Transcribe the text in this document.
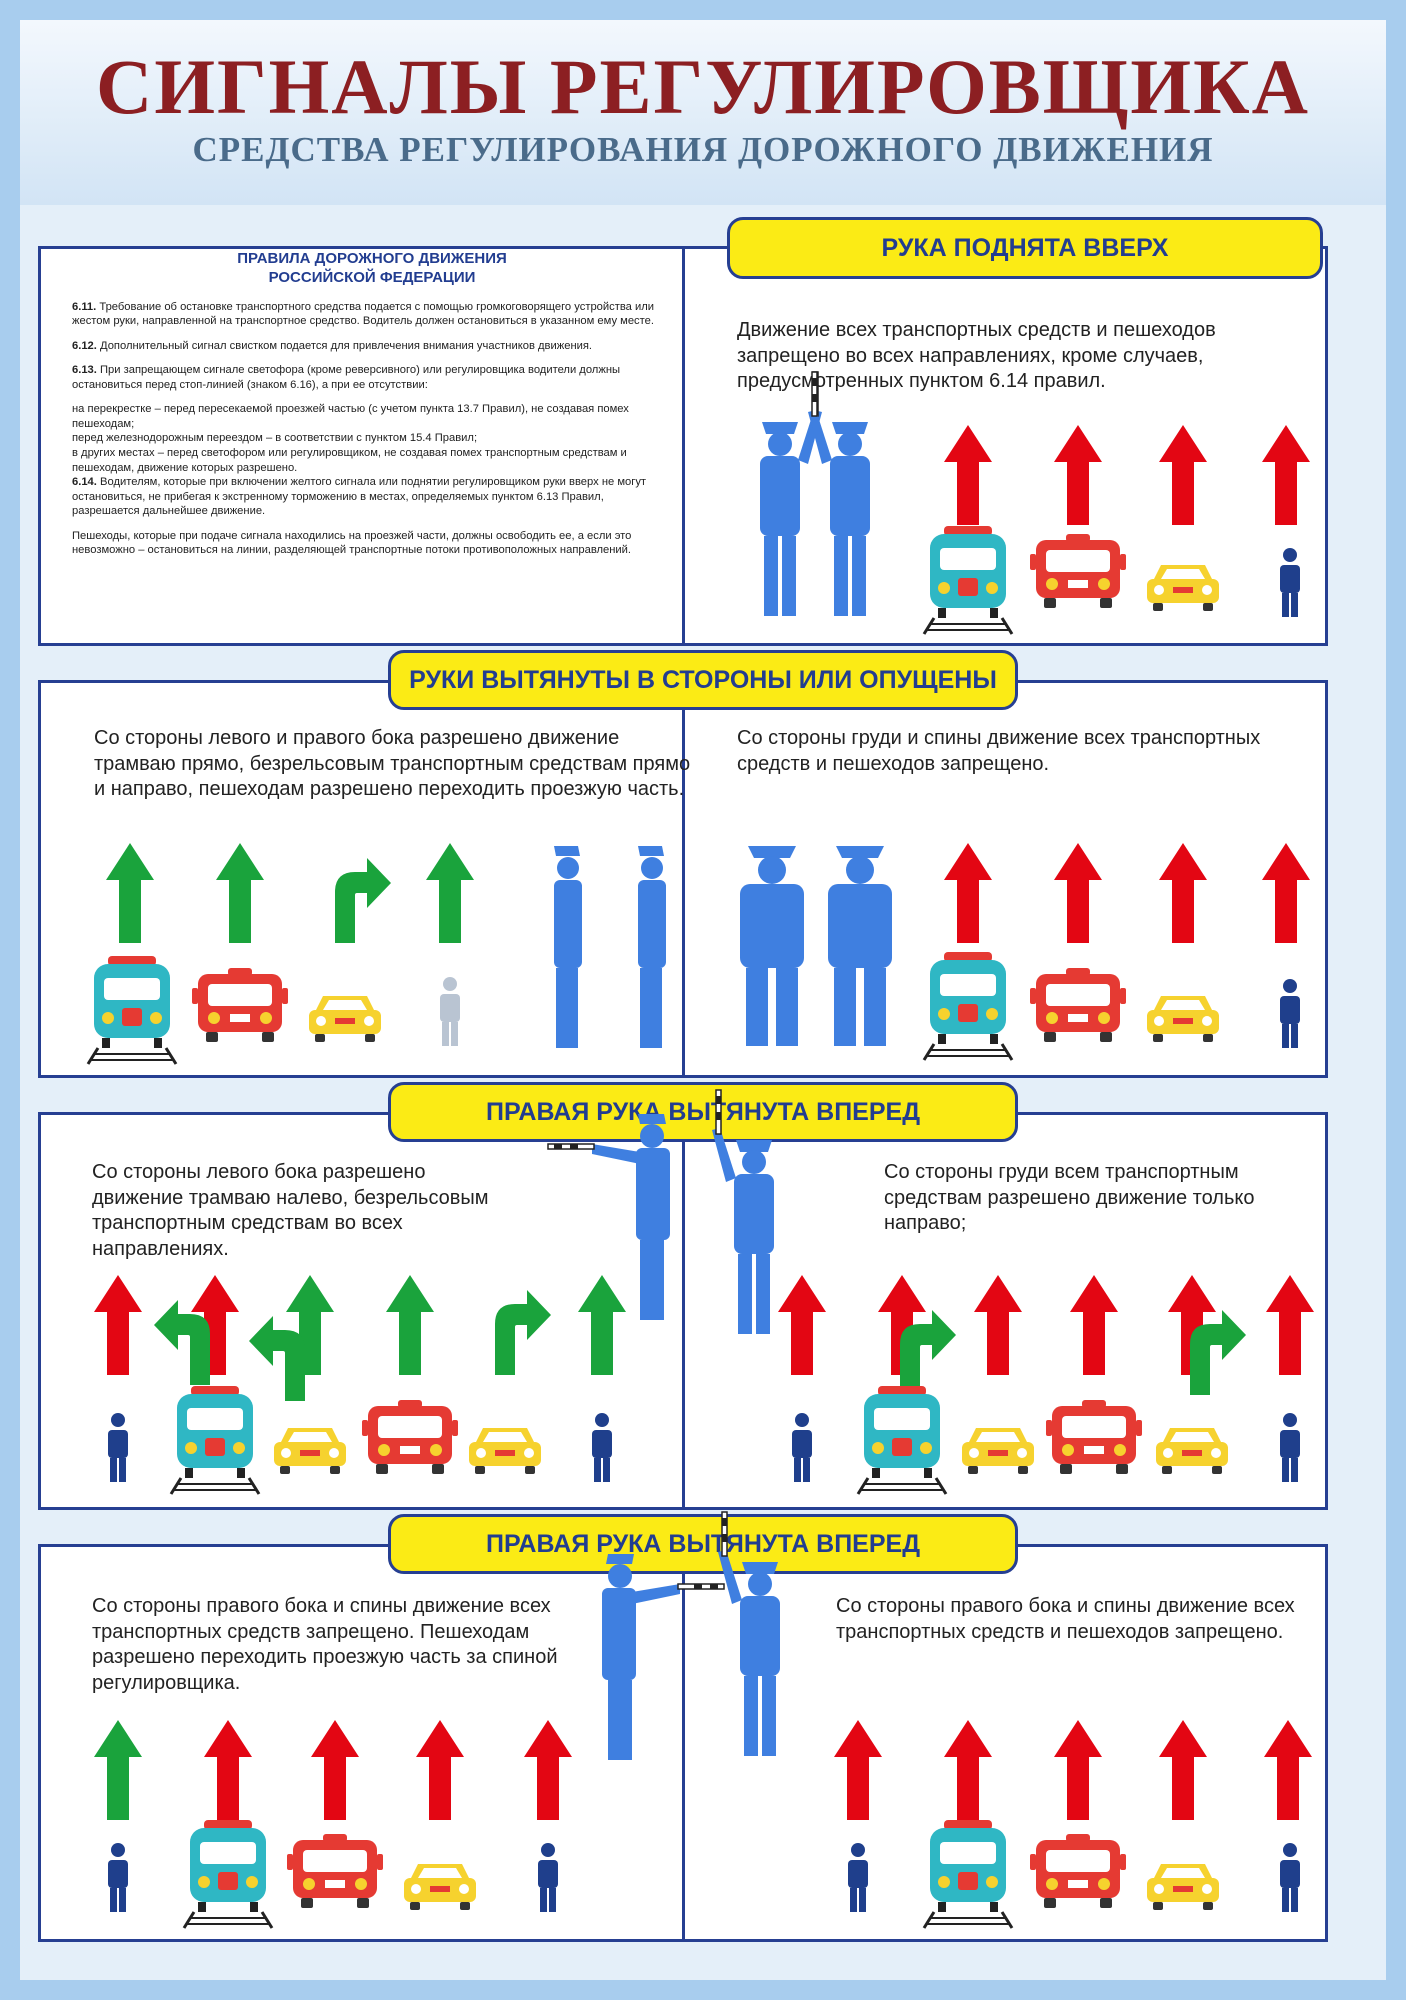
СИГНАЛЫ РЕГУЛИРОВЩИКА
СРЕДСТВА РЕГУЛИРОВАНИЯ ДОРОЖНОГО ДВИЖЕНИЯ
ПРАВИЛА ДОРОЖНОГО ДВИЖЕНИЯ
РОССИЙСКОЙ ФЕДЕРАЦИИ

6.11. Требование об остановке транспортного средства подается с помощью громкоговорящего устройства или жестом руки, направленной на транспортное средство. Водитель должен остановиться в указанном ему месте.

6.12. Дополнительный сигнал свистком подается для привлечения внимания участников движения.

6.13. При запрещающем сигнале светофора (кроме реверсивного) или регулировщика водители должны остановиться перед стоп-линией (знаком 6.16), а при ее отсутствии:

на перекрестке – перед пересекаемой проезжей частью (с учетом пункта 13.7 Правил), не создавая помех пешеходам;

перед железнодорожным переездом – в соответствии с пунктом 15.4 Правил;

в других местах – перед светофором или регулировщиком, не создавая помех транспортным средствам и пешеходам, движение которых разрешено.

6.14. Водителям, которые при включении желтого сигнала или поднятии регулировщиком руки вверх не могут остановиться, не прибегая к экстренному торможению в местах, определяемых пунктом 6.13 Правил, разрешается дальнейшее движение.

Пешеходы, которые при подаче сигнала находились на проезжей части, должны освободить ее, а если это невозможно – остановиться на линии, разделяющей транспортные потоки противоположных направлений.

РУКА ПОДНЯТА ВВЕРХ
РУКИ ВЫТЯНУТЫ В СТОРОНЫ ИЛИ ОПУЩЕНЫ
ПРАВАЯ РУКА ВЫТЯНУТА ВПЕРЕД
ПРАВАЯ РУКА ВЫТЯНУТА ВПЕРЕД
Движение всех транспортных средств и пешеходов запрещено во всех направлениях, кроме случаев, предусмотренных пунктом 6.14 правил.
Со стороны левого и правого бока разрешено движение трамваю прямо, безрельсовым транспортным средствам прямо и направо, пешеходам разрешено переходить проезжую часть.
Со стороны груди и спины движение всех транспортных средств и пешеходов запрещено.
Со стороны левого бока разрешено движение трамваю налево, безрельсовым транспортным средствам во всех направлениях.
Со стороны груди всем транспортным средствам разрешено движение только направо;
Со стороны правого бока и спины движение всех транспортных средств запрещено. Пешеходам разрешено переходить проезжую часть за спиной регулировщика.
Со стороны правого бока и спины движение всех транспортных средств и пешеходов запрещено.
